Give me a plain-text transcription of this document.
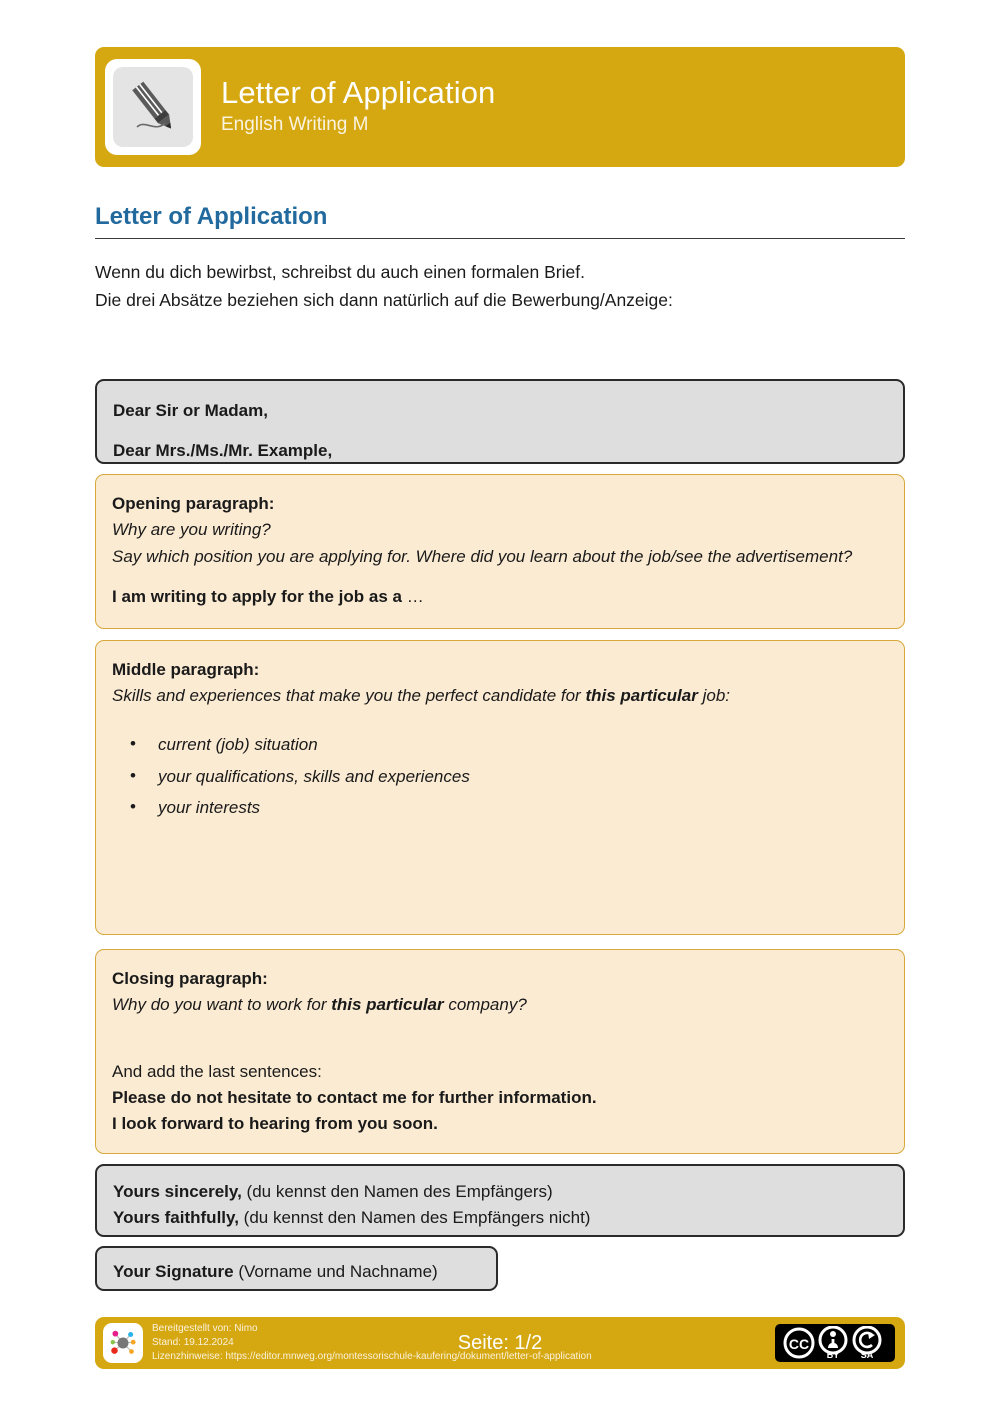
Letter of Application
English Writing M
Letter of Application
Wenn du dich bewirbst, schreibst du auch einen formalen Brief.
Die drei Absätze beziehen sich dann natürlich auf die Bewerbung/Anzeige:
Dear Sir or Madam,
Dear Mrs./Ms./Mr. Example,
Opening paragraph:
Why are you writing?
Say which position you are applying for. Where did you learn about the job/see the advertisement?
I am writing to apply for the job as a …
Middle paragraph:
Skills and experiences that make you the perfect candidate for this particular job:
• current (job) situation
• your qualifications, skills and experiences
• your interests
Closing paragraph:
Why do you want to work for this particular company?
And add the last sentences:
Please do not hesitate to contact me for further information.
I look forward to hearing from you soon.
Yours sincerely, (du kennst den Namen des Empfängers)
Yours faithfully, (du kennst den Namen des Empfängers nicht)
Your Signature (Vorname und Nachname)
Bereitgestellt von: Nimo
Stand: 19.12.2024
Lizenzhinweise: https://editor.mnweg.org/montessorischule-kaufering/dokument/letter-of-application
Seite: 1/2	CC
BY SA
